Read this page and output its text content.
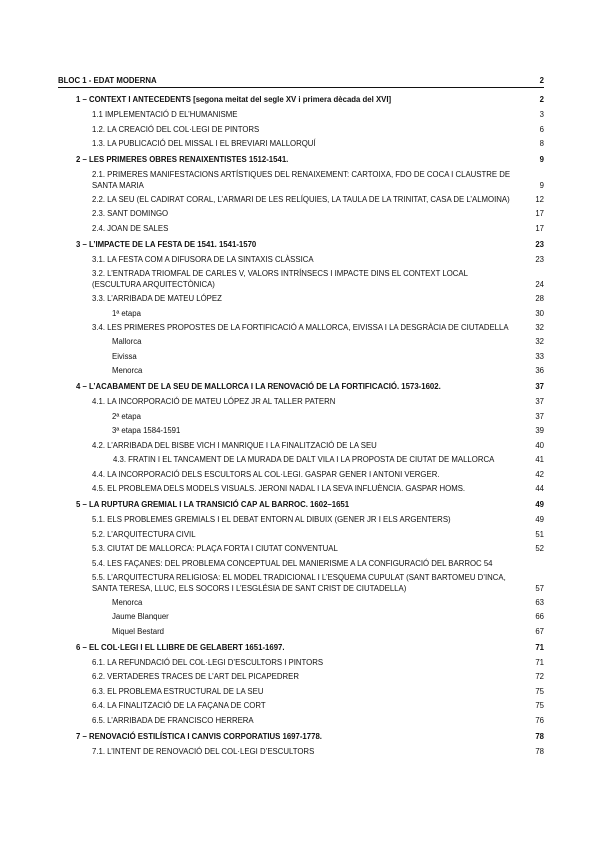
BLOC 1 - EDAT MODERNA	2
1 – CONTEXT I ANTECEDENTS [segona meitat del segle XV i primera dècada del XVI]	2
1.1 IMPLEMENTACIÓ D EL’HUMANISME	3
1.2. LA CREACIÓ DEL COL·LEGI DE PINTORS	6
1.3. LA PUBLICACIÓ DEL MISSAL I EL BREVIARI MALLORQUÍ	8
2 – LES PRIMERES OBRES RENAIXENTISTES 1512-1541.	9
2.1. PRIMERES MANIFESTACIONS ARTÍSTIQUES DEL RENAIXEMENT: CARTOIXA, FDO DE COCA I CLAUSTRE DE SANTA MARIA	9
2.2. LA SEU (EL CADIRAT CORAL, L’ARMARI DE LES RELÍQUIES, LA TAULA DE LA TRINITAT, CASA DE L’ALMOINA)	12
2.3. SANT DOMINGO	17
2.4. JOAN DE SALES	17
3 – L’IMPACTE DE LA FESTA DE 1541. 1541-1570	23
3.1. LA FESTA COM A DIFUSORA DE LA SINTAXIS CLÀSSICA	23
3.2. L’ENTRADA TRIOMFAL DE CARLES V, VALORS INTRÍNSECS I IMPACTE DINS EL CONTEXT LOCAL (ESCULTURA ARQUITECTÒNICA)	24
3.3. L’ARRIBADA DE MATEU LÓPEZ	28
1ª etapa	30
3.4. LES PRIMERES PROPOSTES DE LA FORTIFICACIÓ A MALLORCA, EIVISSA I LA DESGRÀCIA DE CIUTADELLA	32
Mallorca	32
Eivissa	33
Menorca	36
4 – L’ACABAMENT DE LA SEU DE MALLORCA I LA RENOVACIÓ DE LA FORTIFICACIÓ. 1573-1602.	37
4.1. LA INCORPORACIÓ DE MATEU LÓPEZ JR AL TALLER PATERN	37
2ª etapa	37
3ª etapa 1584-1591	39
4.2. L’ARRIBADA DEL BISBE VICH I MANRIQUE I LA FINALITZACIÓ DE LA SEU	40
4.3. FRATIN I EL TANCAMENT DE LA MURADA DE DALT VILA I LA PROPOSTA DE CIUTAT DE MALLORCA	41
4.4. LA INCORPORACIÓ DELS ESCULTORS AL COL·LEGI. GASPAR GENER I ANTONI VERGER.	42
4.5. EL PROBLEMA DELS MODELS VISUALS. JERONI NADAL I LA SEVA INFLUÈNCIA. GASPAR HOMS.	44
5 – LA RUPTURA GREMIAL I LA TRANSICIÓ CAP AL BARROC. 1602–1651	49
5.1. ELS PROBLEMES GREMIALS I EL DEBAT ENTORN AL DIBUIX (GENER JR I ELS ARGENTERS)	49
5.2. L’ARQUITECTURA CIVIL	51
5.3. CIUTAT DE MALLORCA: PLAÇA FORTA I CIUTAT CONVENTUAL	52
5.4. LES FAÇANES: DEL PROBLEMA CONCEPTUAL DEL MANIERISME A LA CONFIGURACIÓ DEL BARROC 54
5.5. L’ARQUITECTURA RELIGIOSA: EL MODEL TRADICIONAL I L’ESQUEMA CUPULAT (SANT BARTOMEU D’INCA, SANTA TERESA, LLUC, ELS SOCORS I L’ESGLÉSIA DE SANT CRIST DE CIUTADELLA)	57
Menorca	63
Jaume Blanquer	66
Miquel Bestard	67
6 – EL COL·LEGI I EL LLIBRE DE GELABERT 1651-1697.	71
6.1. LA REFUNDACIÓ DEL COL·LEGI D’ESCULTORS I PINTORS	71
6.2. VERTADERES TRACES DE L’ART DEL PICAPEDRER	72
6.3. EL PROBLEMA ESTRUCTURAL DE LA SEU	75
6.4. LA FINALITZACIÓ DE LA FAÇANA DE CORT	75
6.5. L’ARRIBADA DE FRANCISCO HERRERA	76
7 – RENOVACIÓ ESTILÍSTICA I CANVIS CORPORATIUS 1697-1778.	78
7.1. L’INTENT DE RENOVACIÓ DEL COL·LEGI D’ESCULTORS	78
